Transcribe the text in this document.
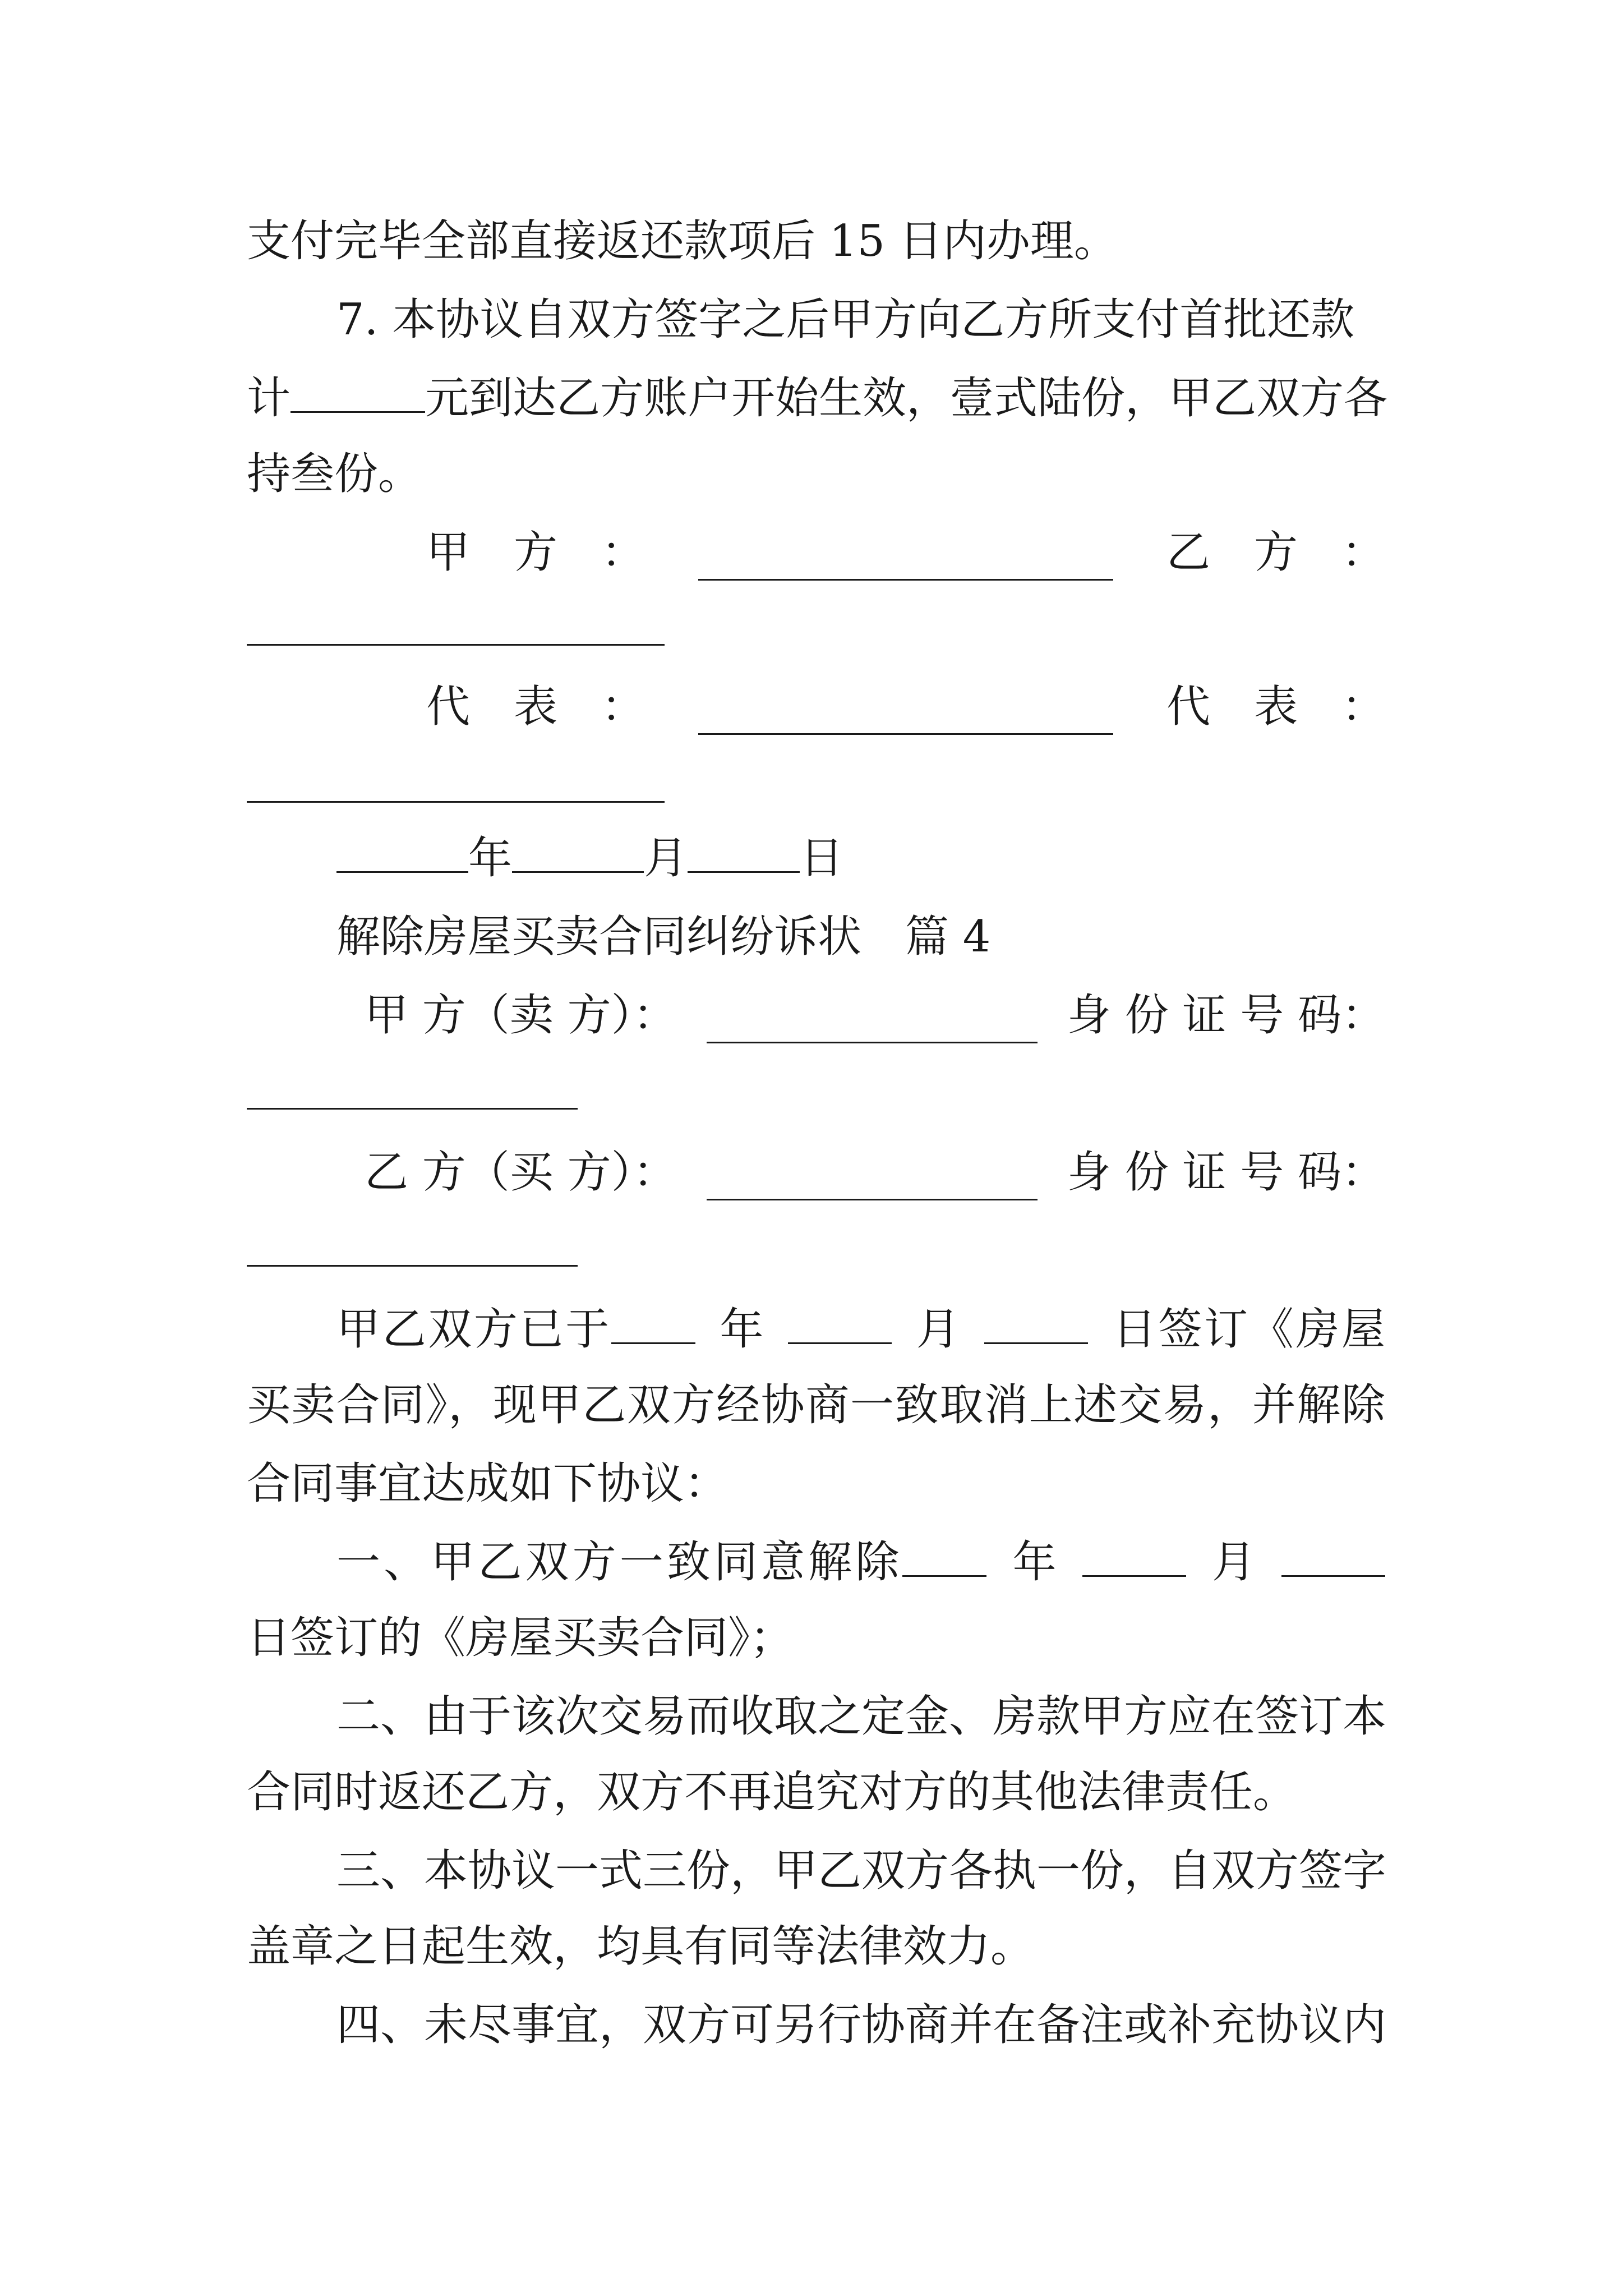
支付完毕全部直接返还款项后 15 日内办理。
7. 本协议自双方签字之后甲方向乙方所支付首批还款
计	元到达乙方账户开始生效，壹式陆份，甲乙双方各
持叁份。
甲　方　：	乙　方　：
代　表　：	代　表　：
年	月	日
解除房屋买卖合同纠纷诉状　篇 4
甲 方（卖 方）：	身 份 证 号 码：
乙 方（买 方）：	身 份 证 号 码：
甲乙双方已于 年	月	日签订《房屋
买卖合同》，现甲乙双方经协商一致取消上述交易，并解除
合同事宜达成如下协议：
一、甲乙双方一致同意解除 年	月
日签订的《房屋买卖合同》；
二、由于该次交易而收取之定金、房款甲方应在签订本
合同时返还乙方，双方不再追究对方的其他法律责任。
三、本协议一式三份，甲乙双方各执一份，自双方签字
盖章之日起生效，均具有同等法律效力。
四、未尽事宜，双方可另行协商并在备注或补充协议内
